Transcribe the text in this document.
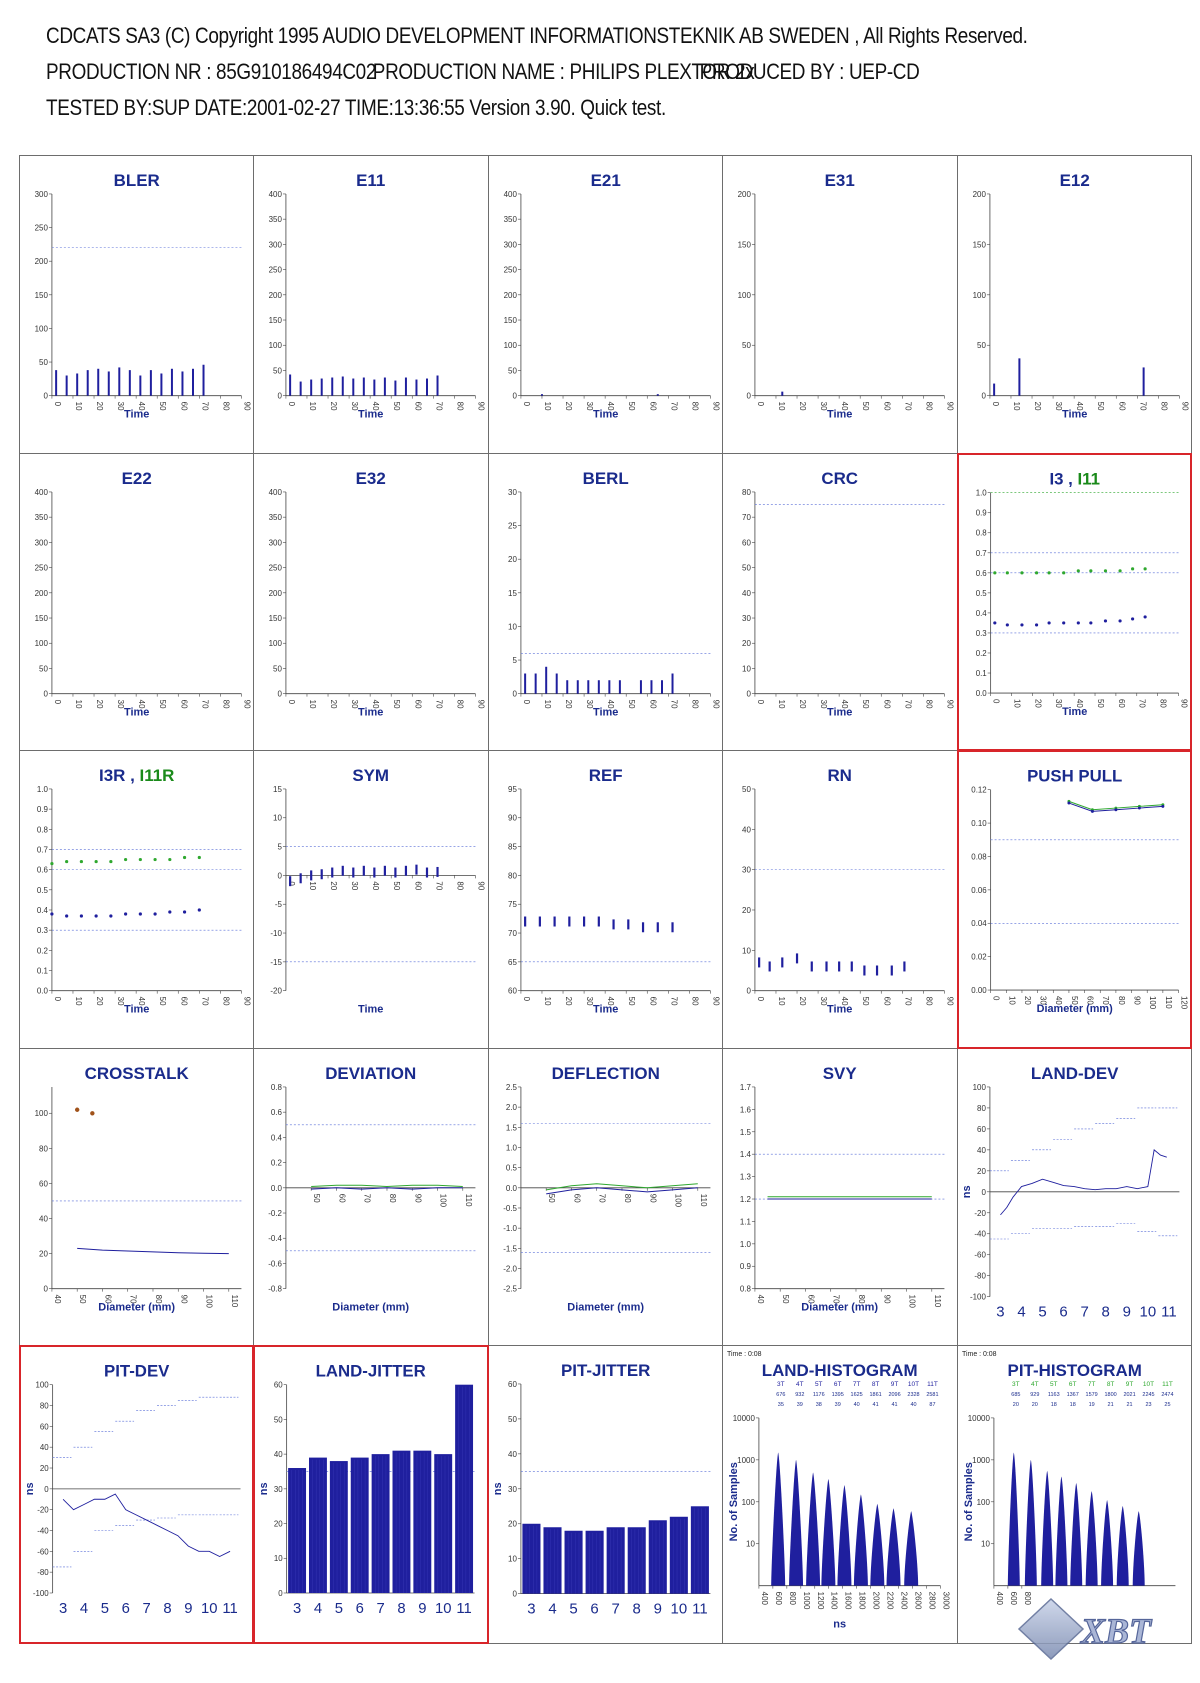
CDCATS SA3 (C) Copyright 1995 AUDIO DEVELOPMENT INFORMATIONSTEKNIK AB SWEDEN , All Rights Reserved.
PRODUCTION NR : 85G910186494C02PRODUCTION NAME : PHILIPS PLEXTOR 2xPRODUCED BY : UEP-CD
TESTED BY:SUP DATE:2001-02-27 TIME:13:36:55 Version 3.90. Quick test.
BLER
0
50
100
150
200
250
300
0 10 20 30 40 50 60 70 80 90
Time
E11
0
50
100
150
200
250
300
350
400
0 10 20 30 40 50 60 70 80 90
Time
E21
0
50
100
150
200
250
300
350
400
0 10 20 30 40 50 60 70 80 90
Time
E31
0
50
100
150
200
0 10 20 30 40 50 60 70 80 90
Time
E12
0
50
100
150
200
0 10 20 30 40 50 60 70 80 90
Time
E22
0
50
100
150
200
250
300
350
400
0 10 20 30 40 50 60 70 80 90
Time
E32
0
50
100
150
200
250
300
350
400
0 10 20 30 40 50 60 70 80 90
Time
BERL
0
5
10
15
20
25
30
0 10 20 30 40 50 60 70 80 90
Time
CRC
0
10
20
30
40
50
60
70
80
0 10 20 30 40 50 60 70 80 90
Time
I3 , I11
0.0
0.1
0.2
0.3
0.4
0.5
0.6
0.7
0.8
0.9
1.0
0 10 20 30 40 50 60 70 80 90
Time
I3R , I11R
0.0
0.1
0.2
0.3
0.4
0.5
0.6
0.7
0.8
0.9
1.0
0 10 20 30 40 50 60 70 80 90
Time
SYM
-20
-15
-10
-5
0
5
10
15
0 10 20 30 40 50 60 70 80 90
Time
REF
60
65
70
75
80
85
90
95
0 10 20 30 40 50 60 70 80 90
Time
RN
0
10
20
30
40
50
0 10 20 30 40 50 60 70 80 90
Time
PUSH PULL
0.00
0.02
0.04
0.06
0.08
0.10
0.12
0 10 20 30 40 50 60 70 80 90 100 110 120
Diameter (mm)
CROSSTALK
0
20
40
60
80
100
40 50 60 70 80 90 100 110
Diameter (mm)
DEVIATION
-0.8
-0.6
-0.4
-0.2
0.0
0.2
0.4
0.6
0.8
50 60 70 80 90 100 110
Diameter (mm)
DEFLECTION
-2.5
-2.0
-1.5
-1.0
-0.5
0.0
0.5
1.0
1.5
2.0
2.5
50 60 70 80 90 100 110
Diameter (mm)
SVY
0.8
0.9
1.0
1.1
1.2
1.3
1.4
1.5
1.6
1.7
40 50 60 70 80 90 100 110
Diameter (mm)
LAND-DEV
-100
-80
-60
-40
-20
0
20
40
60
80
100
3 4 5 6 7 8 9 10 11
ns
PIT-DEV
-100
-80
-60
-40
-20
0
20
40
60
80
100
3 4 5 6 7 8 9 10 11
ns
LAND-JITTER
0
10
20
30
40
50
60
3 4 5 6 7 8 9 10 11
ns
PIT-JITTER
0
10
20
30
40
50
60
3 4 5 6 7 8 9 10 11
ns
LAND-HISTOGRAM
Time : 0:08
10
100
1000
10000
400 600 800 1000 1200 1400 1600 1800 2000 2200 2400 2600 2800 3000
ns
No. of Samples
3T 4T 5T 6T 7T 8T 9T 10T 11T
676 932 1176 1395 1625 1861 2096 2328 2581
35 39 38 39 40 41 41 40 87
PIT-HISTOGRAM
Time : 0:08
10
100
1000
10000
400 600 800
No. of Samples
3T 4T 5T 6T 7T 8T 9T 10T 11T
685 929 1163 1367 1579 1800 2021 2245 2474
20 20 18 18 19 21 21 23 25
XBT
